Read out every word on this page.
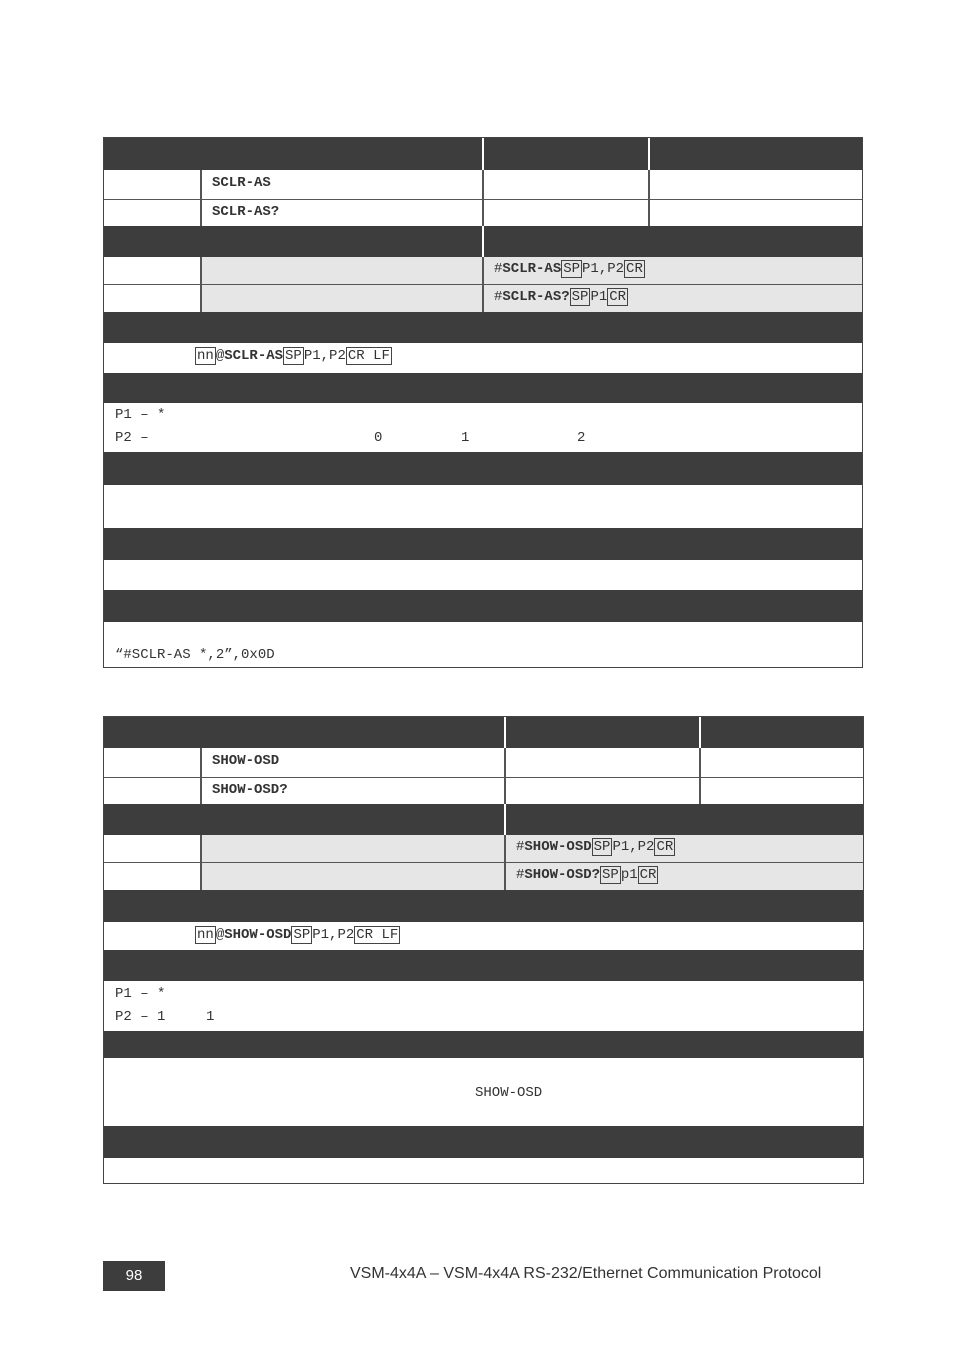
SCLR-AS
SCLR-AS?
#SCLR-AS SP P1,P2 CR
#SCLR-AS? SP P1 CR
nn @SCLR-AS SP P1,P2 CR LF
P1 – *
P2 –	0	1	2
“#SCLR-AS *,2”,0x0D
SHOW-OSD
SHOW-OSD?
#SHOW-OSD SP P1,P2 CR
#SHOW-OSD? SP p1 CR
nn @SHOW-OSD SP P1,P2 CR LF
P1 – *
P2 – 1	1
SHOW-OSD
98	VSM-4x4A – VSM-4x4A RS-232/Ethernet Communication Protocol
